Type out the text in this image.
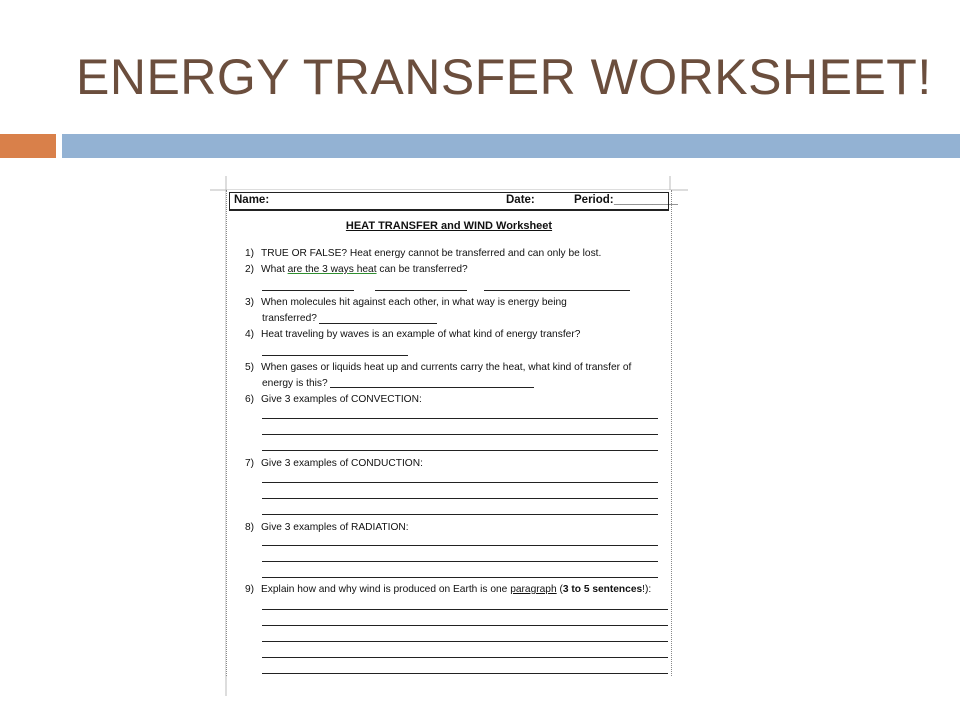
ENERGY TRANSFER WORKSHEET!
Name:	Date:	Period: __________
HEAT TRANSFER and WIND Worksheet
1) TRUE OR FALSE? Heat energy cannot be transferred and can only be lost.
2) What are the 3 ways heat can be transferred?
3) When molecules hit against each other, in what way is energy being
transferred?
4) Heat traveling by waves is an example of what kind of energy transfer?
5) When gases or liquids heat up and currents carry the heat, what kind of transfer of
energy is this?
6) Give 3 examples of CONVECTION:
7) Give 3 examples of CONDUCTION:
8) Give 3 examples of RADIATION:
9) Explain how and why wind is produced on Earth is one paragraph (3 to 5 sentences!):
